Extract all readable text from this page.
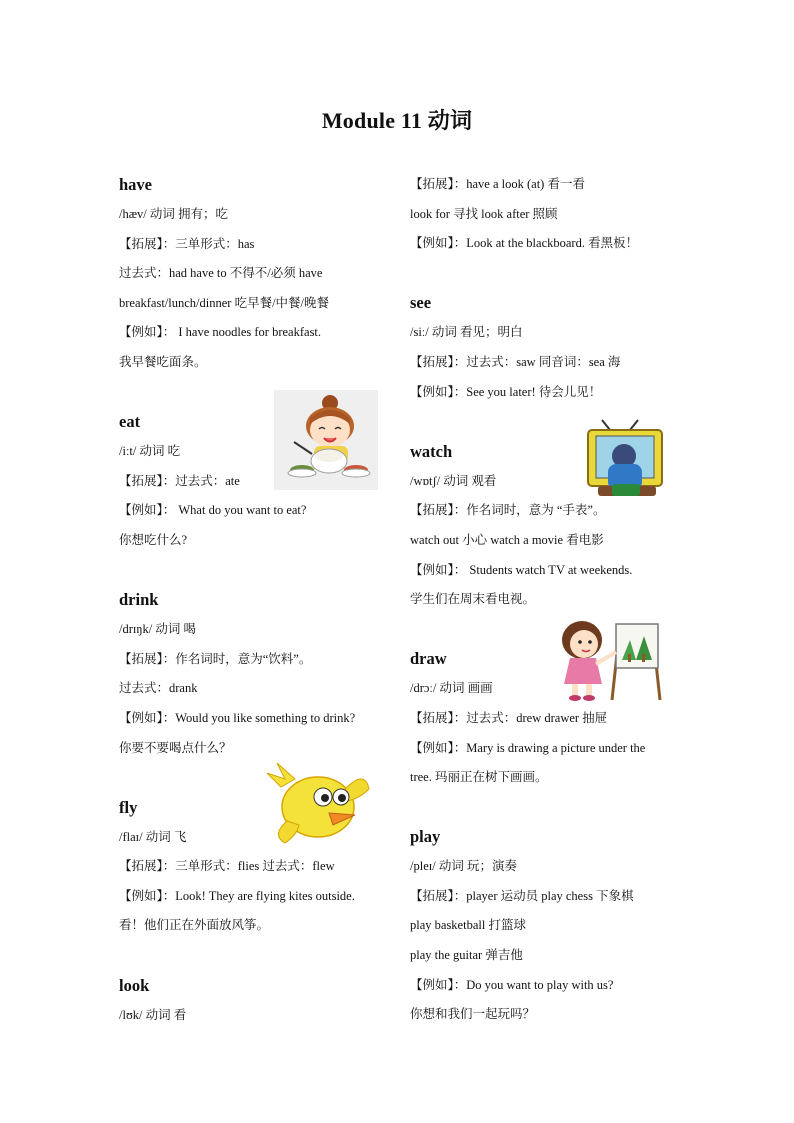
Module 11 动词
have
/hæv/ 动词 拥有；吃
【拓展】：三单形式：has
过去式：had have to 不得不/必须 have
breakfast/lunch/dinner 吃早餐/中餐/晚餐
【例如】： I have noodles for breakfast.
我早餐吃面条。
eat
/iːt/ 动词 吃
【拓展】：过去式：ate
【例如】： What do you want to eat?
你想吃什么?
drink
/drɪŋk/ 动词 喝
【拓展】：作名词时，意为“饮料”。
过去式：drank
【例如】：Would you like something to drink?
你要不要喝点什么？
fly
/flaɪ/ 动词 飞
【拓展】：三单形式：flies 过去式：flew
【例如】：Look! They are flying kites outside.
看！他们正在外面放风筝。
look
/lʊk/ 动词 看
【拓展】：have a look (at) 看一看
look for 寻找 look after 照顾
【例如】：Look at the blackboard. 看黑板！
see
/siː/ 动词 看见；明白
【拓展】：过去式：saw 同音词：sea 海
【例如】：See you later! 待会儿见！
watch
/wɒtʃ/ 动词 观看
【拓展】：作名词时，意为 “手表”。
watch out 小心 watch a movie 看电影
【例如】： Students watch TV at weekends.
学生们在周末看电视。
draw
/drɔː/ 动词 画画
【拓展】：过去式：drew drawer 抽屉
【例如】：Mary is drawing a picture under the
tree. 玛丽正在树下画画。
play
/pleɪ/ 动词 玩；演奏
【拓展】：player 运动员 play chess 下象棋
play basketball 打篮球
play the guitar 弹吉他
【例如】：Do you want to play with us?
你想和我们一起玩吗？
